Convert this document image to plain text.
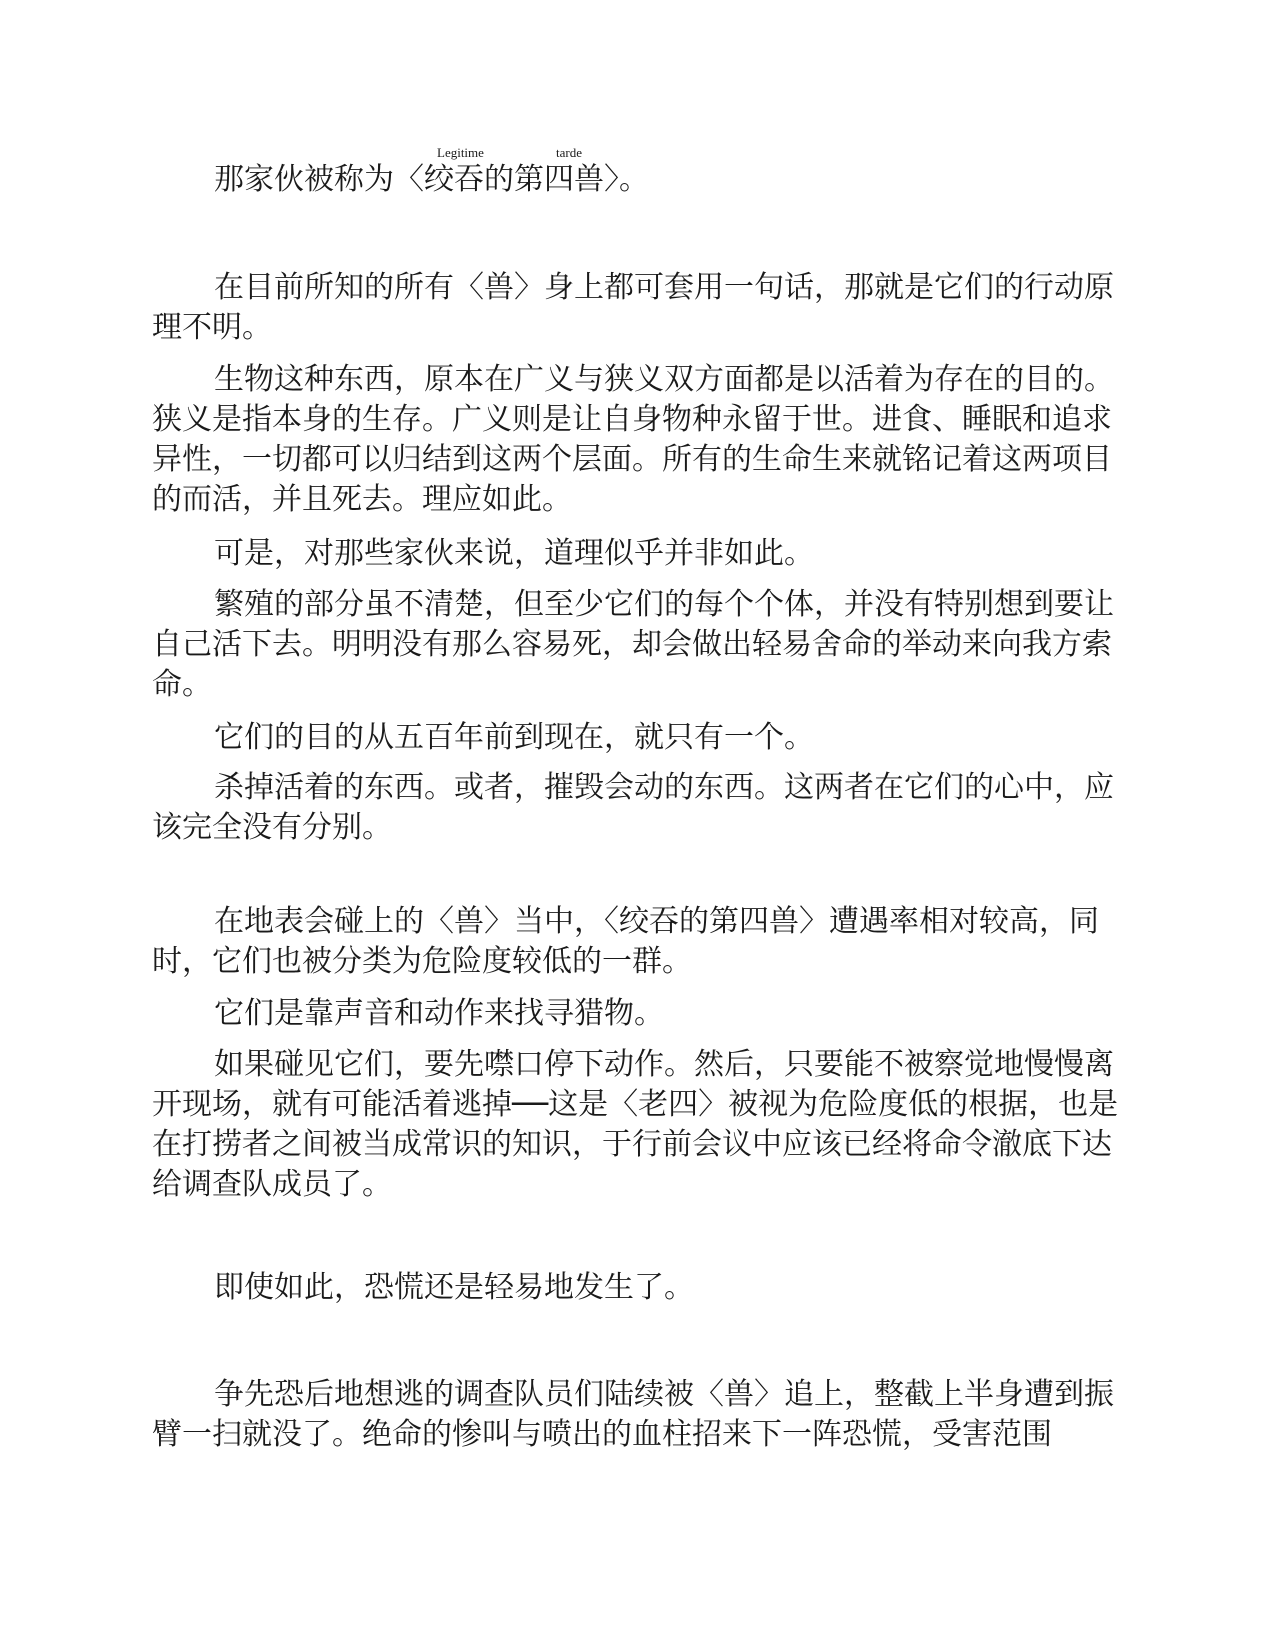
Legitime	tarde

那家伙被称为〈绞吞的第四兽〉。

在目前所知的所有〈兽〉身上都可套用一句话，那就是它们的行动原理不明。

生物这种东西，原本在广义与狭义双方面都是以活着为存在的目的。狭义是指本身的生存。广义则是让自身物种永留于世。进食、睡眠和追求异性，一切都可以归结到这两个层面。所有的生命生来就铭记着这两项目的而活，并且死去。理应如此。

可是，对那些家伙来说，道理似乎并非如此。

繁殖的部分虽不清楚，但至少它们的每个个体，并没有特别想到要让自己活下去。明明没有那么容易死，却会做出轻易舍命的举动来向我方索命。

它们的目的从五百年前到现在，就只有一个。

杀掉活着的东西。或者，摧毁会动的东西。这两者在它们的心中，应该完全没有分别。

在地表会碰上的〈兽〉当中，〈绞吞的第四兽〉遭遇率相对较高，同时，它们也被分类为危险度较低的一群。

它们是靠声音和动作来找寻猎物。

如果碰见它们，要先噤口停下动作。然后，只要能不被察觉地慢慢离开现场，就有可能活着逃掉──这是〈老四〉被视为危险度低的根据，也是在打捞者之间被当成常识的知识，于行前会议中应该已经将命令澈底下达给调查队成员了。

即使如此，恐慌还是轻易地发生了。

争先恐后地想逃的调查队员们陆续被〈兽〉追上，整截上半身遭到振臂一扫就没了。绝命的惨叫与喷出的血柱招来下一阵恐慌，受害范围
